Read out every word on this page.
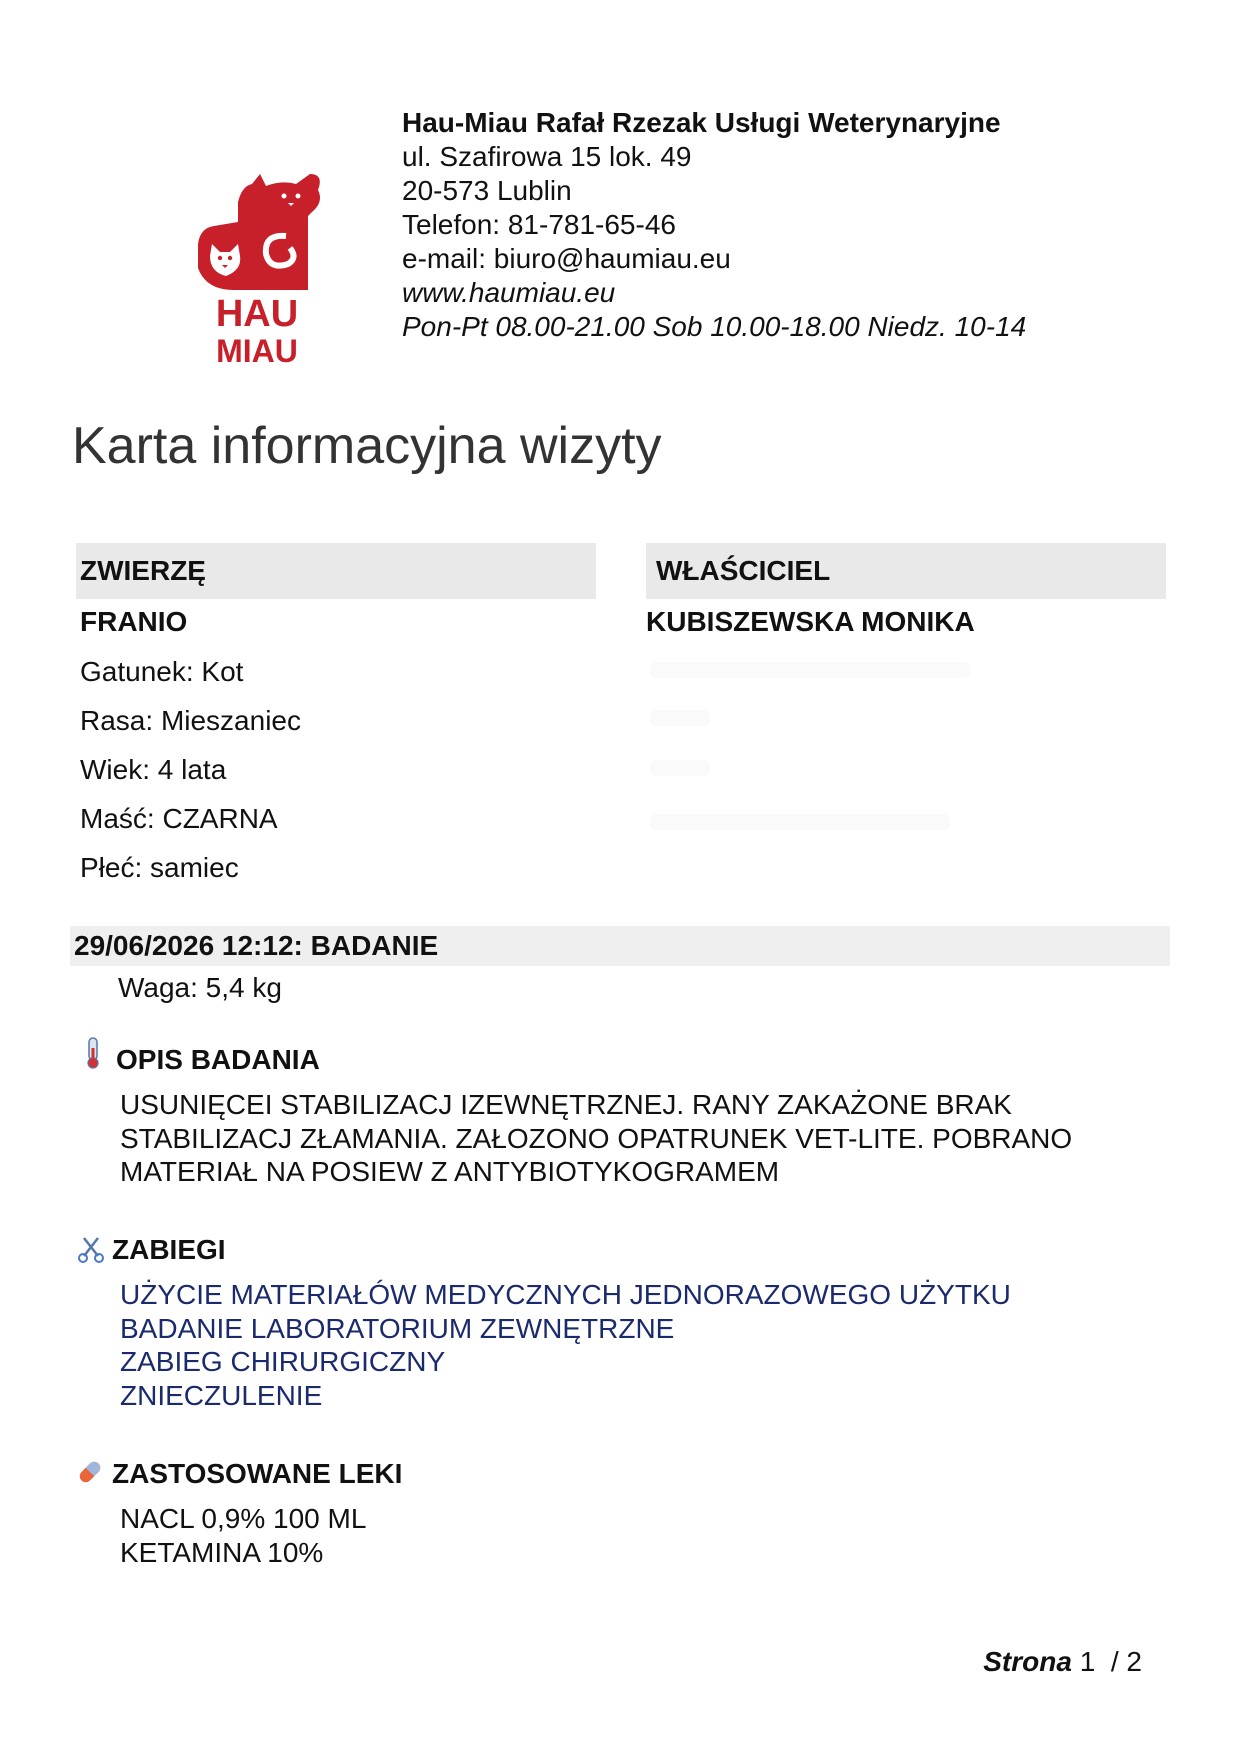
HAU
MIAU
Hau-Miau Rafał Rzezak Usługi Weterynaryjne
ul. Szafirowa 15 lok. 49
20-573 Lublin
Telefon: 81-781-65-46
e-mail: biuro@haumiau.eu
www.haumiau.eu
Pon-Pt 08.00-21.00 Sob 10.00-18.00 Niedz. 10-14
Karta informacyjna wizyty
ZWIERZĘ
FRANIO
Gatunek: Kot
Rasa: Mieszaniec
Wiek: 4 lata
Maść: CZARNA
Płeć: samiec
WŁAŚCICIEL
KUBISZEWSKA MONIKA
29/06/2026 12:12: BADANIE
Waga: 5,4 kg
OPIS BADANIA
USUNIĘCEI STABILIZACJ IZEWNĘTRZNEJ. RANY ZAKAŻONE BRAK
STABILIZACJ ZŁAMANIA. ZAŁOZONO OPATRUNEK VET-LITE. POBRANO
MATERIAŁ NA POSIEW Z ANTYBIOTYKOGRAMEM
ZABIEGI
UŻYCIE MATERIAŁÓW MEDYCZNYCH JEDNORAZOWEGO UŻYTKU
BADANIE LABORATORIUM ZEWNĘTRZNE
ZABIEG CHIRURGICZNY
ZNIECZULENIE
ZASTOSOWANE LEKI
NACL 0,9% 100 ML
KETAMINA 10%
Strona 1 / 2
